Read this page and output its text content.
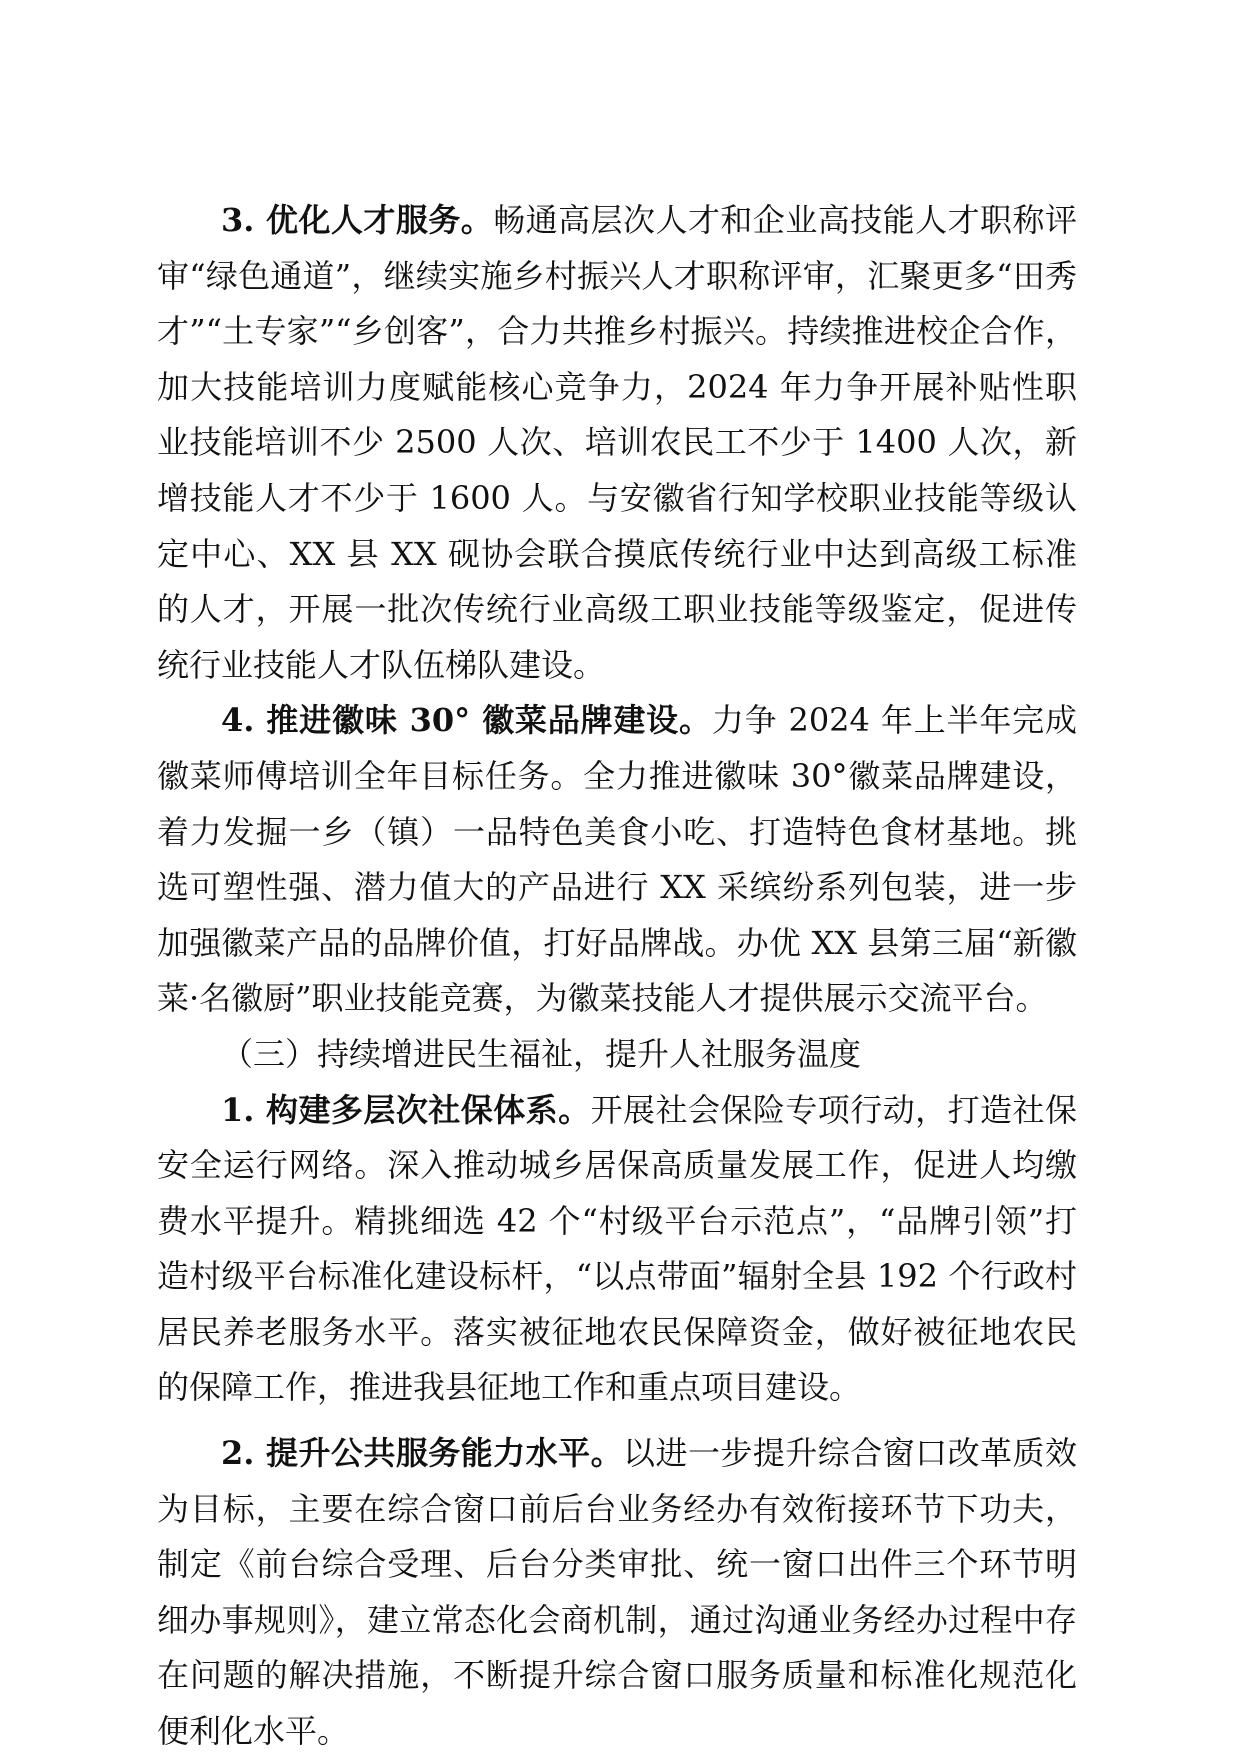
3. 优化人才服务。畅通高层次人才和企业高技能人才职称评审“绿色通道”，继续实施乡村振兴人才职称评审，汇聚更多“田秀才”“土专家”“乡创客”，合力共推乡村振兴。持续推进校企合作，加大技能培训力度赋能核心竞争力，2024 年力争开展补贴性职业技能培训不少 2500 人次、培训农民工不少于 1400 人次，新增技能人才不少于 1600 人。与安徽省行知学校职业技能等级认定中心、XX 县 XX 砚协会联合摸底传统行业中达到高级工标准的人才，开展一批次传统行业高级工职业技能等级鉴定，促进传统行业技能人才队伍梯队建设。

4. 推进徽味 30° 徽菜品牌建设。力争 2024 年上半年完成徽菜师傅培训全年目标任务。全力推进徽味 30°徽菜品牌建设，着力发掘一乡（镇）一品特色美食小吃、打造特色食材基地。挑选可塑性强、潜力值大的产品进行 XX 采缤纷系列包装，进一步加强徽菜产品的品牌价值，打好品牌战。办优 XX 县第三届“新徽菜·名徽厨”职业技能竞赛，为徽菜技能人才提供展示交流平台。

（三）持续增进民生福祉，提升人社服务温度

1. 构建多层次社保体系。开展社会保险专项行动，打造社保安全运行网络。深入推动城乡居保高质量发展工作，促进人均缴费水平提升。精挑细选 42 个“村级平台示范点”，“品牌引领”打造村级平台标准化建设标杆，“以点带面”辐射全县 192 个行政村居民养老服务水平。落实被征地农民保障资金，做好被征地农民的保障工作，推进我县征地工作和重点项目建设。

2. 提升公共服务能力水平。以进一步提升综合窗口改革质效为目标，主要在综合窗口前后台业务经办有效衔接环节下功夫，制定《前台综合受理、后台分类审批、统一窗口出件三个环节明细办事规则》，建立常态化会商机制，通过沟通业务经办过程中存在问题的解决措施，不断提升综合窗口服务质量和标准化规范化便利化水平。
